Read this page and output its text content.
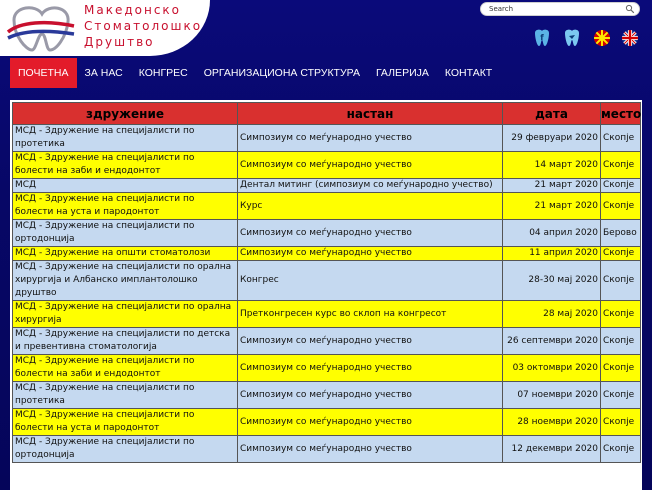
Македонско
Стоматолошко
Друштво
Search	f
ПОЧЕТНА	ЗА НАС	КОНГРЕС	ОРГАНИЗАЦИОНА СТРУКТУРА	ГАЛЕРИЈА	КОНТАКТ
здружение	настан	дата	место
МСД - Здружение на специјалисти по протетика	Симпозиум со меѓународно учество	29 февруари 2020	Скопје
МСД - Здружение на специјалисти по болести на заби и ендодонтот	Симпозиум со меѓународно учество	14 март 2020	Скопје
МСД	Дентал митинг (симпозиум со меѓународно учество)	21 март 2020	Скопје
МСД - Здружение на специјалисти по болести на уста и пародонтот	Курс	21 март 2020	Скопје
МСД - Здружение на специјалисти по ортодонција	Симпозиум со меѓународно учество	04 април 2020	Берово
МСД - Здружение на општи стоматолози	Симпозиум со меѓународно учество	11 април 2020	Скопје
МСД - Здружение на специјалисти по орална хирургија и Албанско имплантолошко друштво	Конгрес	28-30 мај 2020	Скопје
МСД - Здружение на специјалисти по орална хирургија	Претконгресен курс во склоп на конгресот	28 мај 2020	Скопје
МСД - Здружение на специјалисти по детска и превентивна стоматологија	Симпозиум со меѓународно учество	26 септември 2020	Скопје
МСД - Здружение на специјалисти по болести на заби и ендодонтот	Симпозиум со меѓународно учество	03 октомври 2020	Скопје
МСД - Здружение на специјалисти по протетика	Симпозиум со меѓународно учество	07 ноември 2020	Скопје
МСД - Здружение на специјалисти по болести на уста и пародонтот	Симпозиум со меѓународно учество	28 ноември 2020	Скопје
МСД - Здружение на специјалисти по ортодонција	Симпозиум со меѓународно учество	12 декември 2020	Скопје
